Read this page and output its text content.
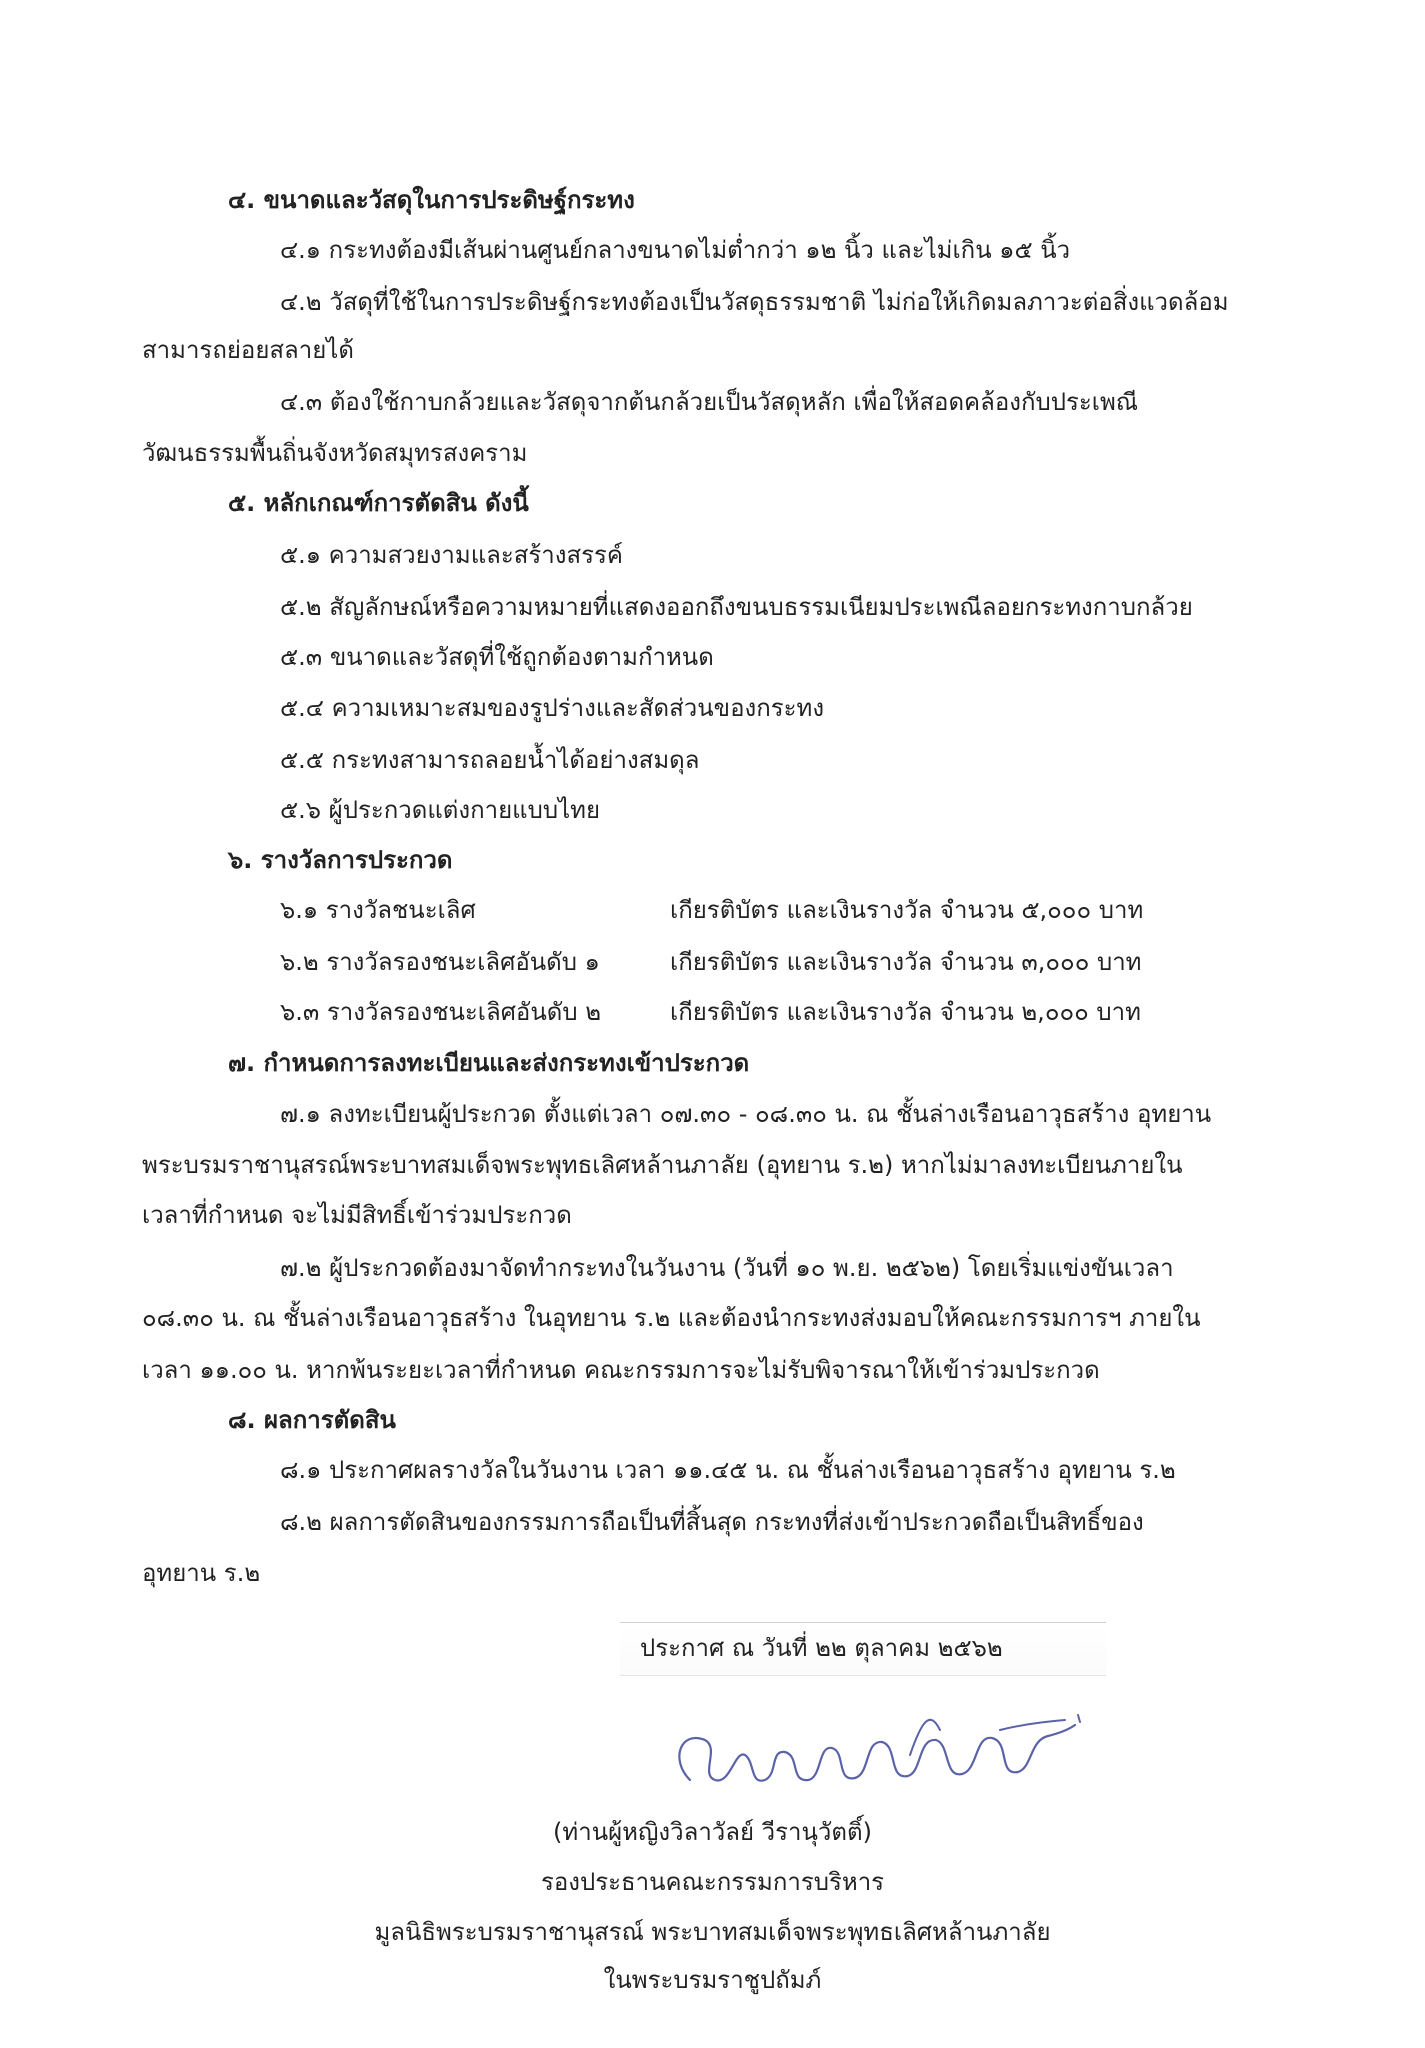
๔. ขนาดและวัสดุในการประดิษฐ์กระทง
๔.๑ กระทงต้องมีเส้นผ่านศูนย์กลางขนาดไม่ต่ำกว่า ๑๒ นิ้ว และไม่เกิน ๑๕ นิ้ว
๔.๒ วัสดุที่ใช้ในการประดิษฐ์กระทงต้องเป็นวัสดุธรรมชาติ ไม่ก่อให้เกิดมลภาวะต่อสิ่งแวดล้อม
สามารถย่อยสลายได้
๔.๓ ต้องใช้กาบกล้วยและวัสดุจากต้นกล้วยเป็นวัสดุหลัก เพื่อให้สอดคล้องกับประเพณี
วัฒนธรรมพื้นถิ่นจังหวัดสมุทรสงคราม
๕. หลักเกณฑ์การตัดสิน ดังนี้
๕.๑ ความสวยงามและสร้างสรรค์
๕.๒ สัญลักษณ์หรือความหมายที่แสดงออกถึงขนบธรรมเนียมประเพณีลอยกระทงกาบกล้วย
๕.๓ ขนาดและวัสดุที่ใช้ถูกต้องตามกำหนด
๕.๔ ความเหมาะสมของรูปร่างและสัดส่วนของกระทง
๕.๕ กระทงสามารถลอยน้ำได้อย่างสมดุล
๕.๖ ผู้ประกวดแต่งกายแบบไทย
๖. รางวัลการประกวด
๖.๑ รางวัลชนะเลิศ	เกียรติบัตร และเงินรางวัล จำนวน ๕,๐๐๐ บาท
๖.๒ รางวัลรองชนะเลิศอันดับ ๑	เกียรติบัตร และเงินรางวัล จำนวน ๓,๐๐๐ บาท
๖.๓ รางวัลรองชนะเลิศอันดับ ๒	เกียรติบัตร และเงินรางวัล จำนวน ๒,๐๐๐ บาท
๗. กำหนดการลงทะเบียนและส่งกระทงเข้าประกวด
๗.๑ ลงทะเบียนผู้ประกวด ตั้งแต่เวลา ๐๗.๓๐ - ๐๘.๓๐ น. ณ ชั้นล่างเรือนอาวุธสร้าง อุทยาน
พระบรมราชานุสรณ์พระบาทสมเด็จพระพุทธเลิศหล้านภาลัย (อุทยาน ร.๒) หากไม่มาลงทะเบียนภายใน
เวลาที่กำหนด จะไม่มีสิทธิ์เข้าร่วมประกวด
๗.๒ ผู้ประกวดต้องมาจัดทำกระทงในวันงาน (วันที่ ๑๐ พ.ย. ๒๕๖๒) โดยเริ่มแข่งขันเวลา
๐๘.๓๐ น. ณ ชั้นล่างเรือนอาวุธสร้าง ในอุทยาน ร.๒ และต้องนำกระทงส่งมอบให้คณะกรรมการฯ ภายใน
เวลา ๑๑.๐๐ น. หากพ้นระยะเวลาที่กำหนด คณะกรรมการจะไม่รับพิจารณาให้เข้าร่วมประกวด
๘. ผลการตัดสิน
๘.๑ ประกาศผลรางวัลในวันงาน เวลา ๑๑.๔๕ น. ณ ชั้นล่างเรือนอาวุธสร้าง อุทยาน ร.๒
๘.๒ ผลการตัดสินของกรรมการถือเป็นที่สิ้นสุด กระทงที่ส่งเข้าประกวดถือเป็นสิทธิ์ของ
อุทยาน ร.๒
ประกาศ ณ วันที่ ๒๒ ตุลาคม ๒๕๖๒
(ท่านผู้หญิงวิลาวัลย์ วีรานุวัตติ์)
รองประธานคณะกรรมการบริหาร
มูลนิธิพระบรมราชานุสรณ์ พระบาทสมเด็จพระพุทธเลิศหล้านภาลัย
ในพระบรมราชูปถัมภ์
